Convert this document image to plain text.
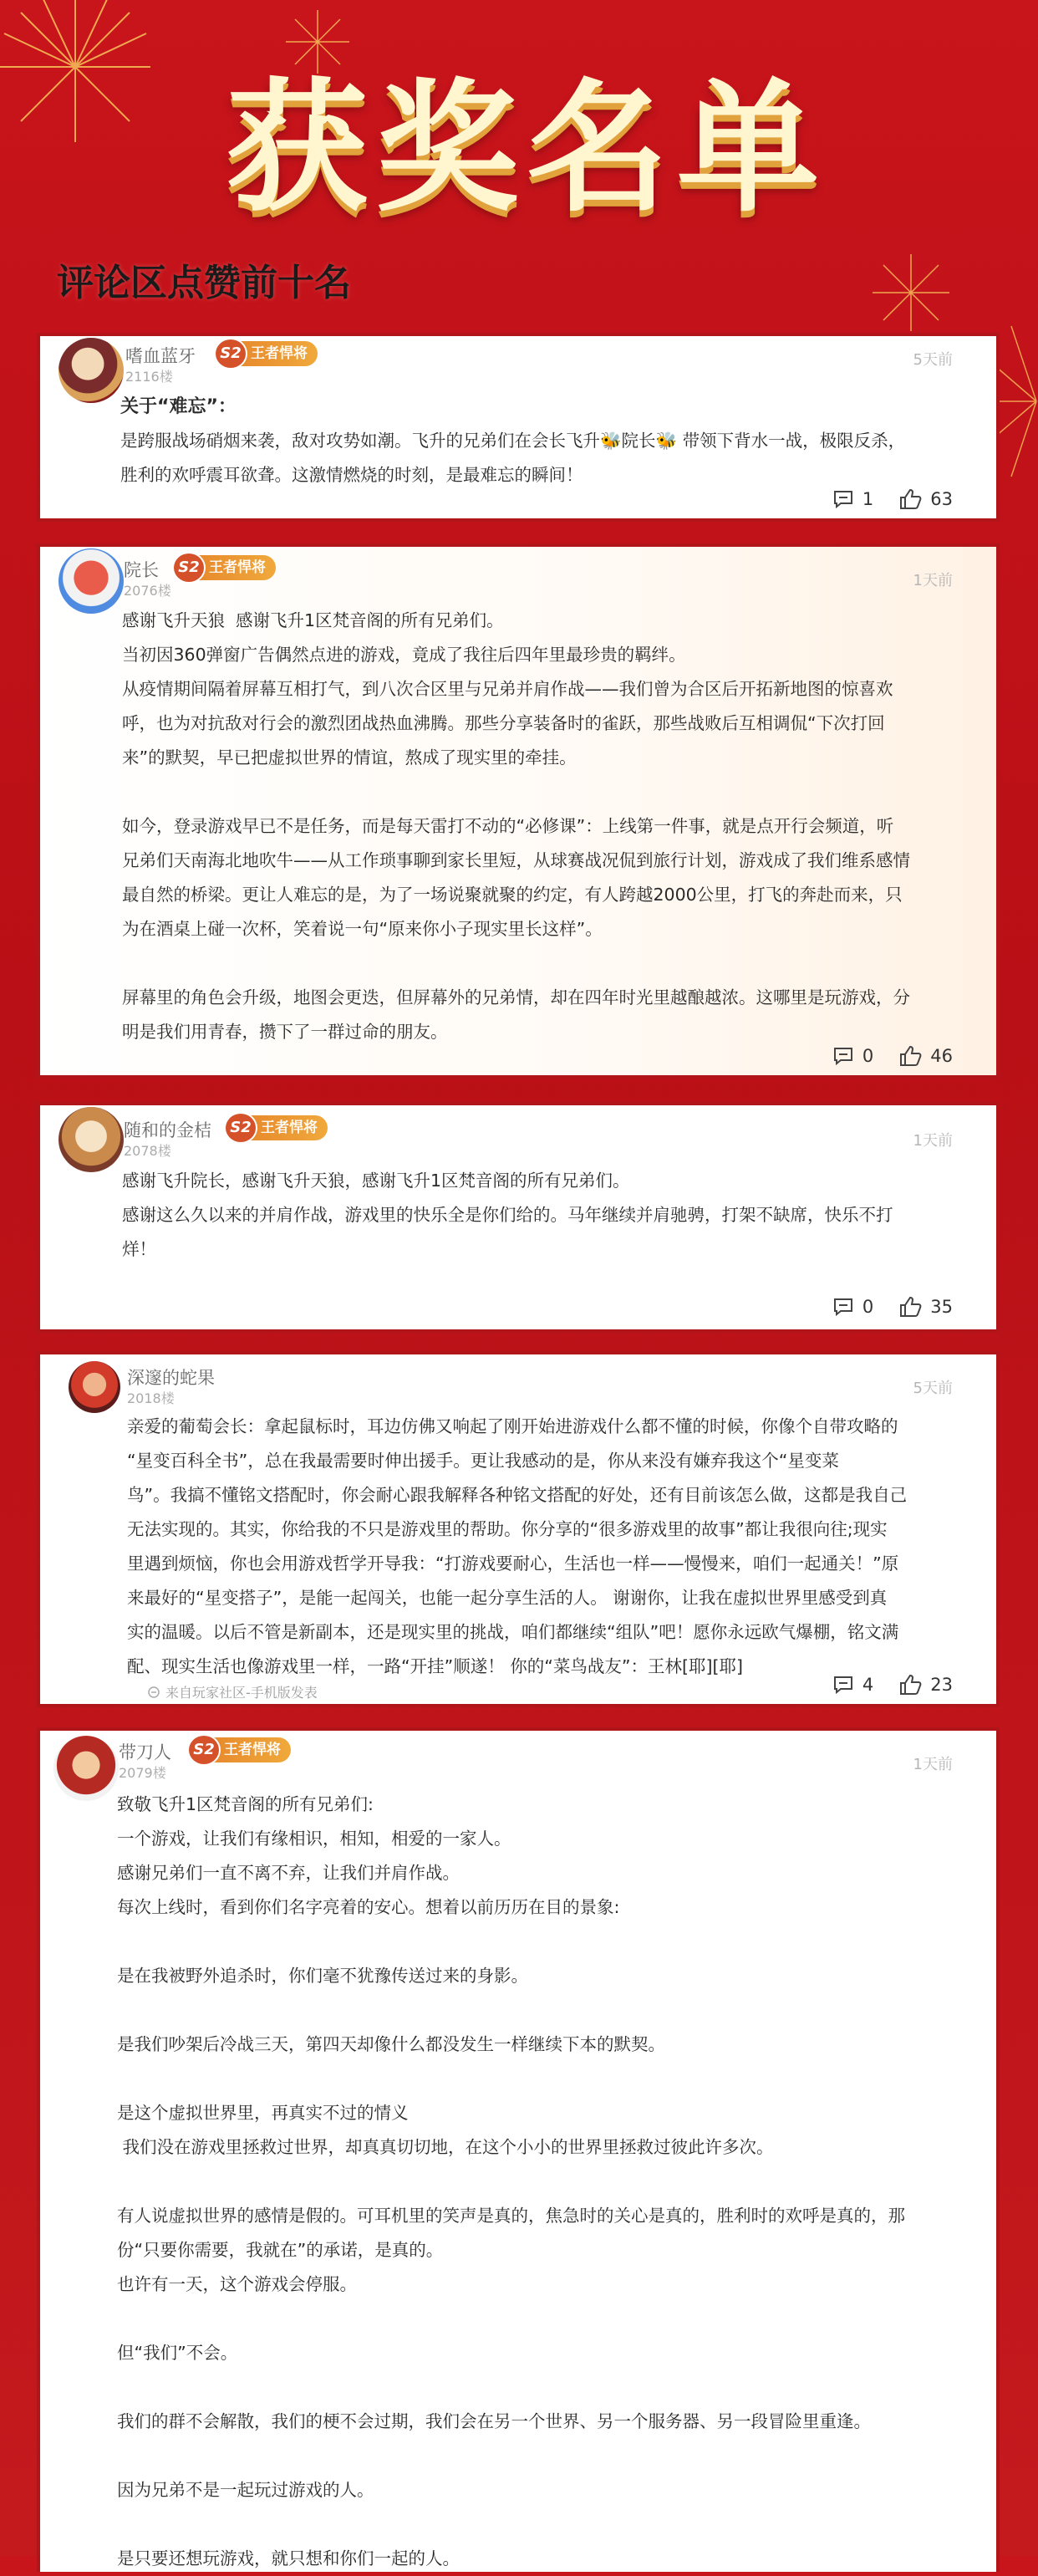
获奖名单
评论区点赞前十名
嗜血蓝牙
2116楼
S2 王者悍将	5天前

关于“难忘”：

是跨服战场硝烟来袭，敌对攻势如潮。飞升的兄弟们在会长飞升🐝院长🐝 带领下背水一战，极限反杀，

胜利的欢呼震耳欲聋。这激情燃烧的时刻，是最难忘的瞬间！

1	63
院长
2076楼
S2 王者悍将
1天前

感谢飞升天狼  感谢飞升1区梵音阁的所有兄弟们。

当初因360弹窗广告偶然点进的游戏，竟成了我往后四年里最珍贵的羁绊。

从疫情期间隔着屏幕互相打气，到八次合区里与兄弟并肩作战——我们曾为合区后开拓新地图的惊喜欢

呼，也为对抗敌对行会的激烈团战热血沸腾。那些分享装备时的雀跃，那些战败后互相调侃“下次打回

来”的默契，早已把虚拟世界的情谊，熬成了现实里的牵挂。

如今，登录游戏早已不是任务，而是每天雷打不动的“必修课”：上线第一件事，就是点开行会频道，听

兄弟们天南海北地吹牛——从工作琐事聊到家长里短，从球赛战况侃到旅行计划，游戏成了我们维系感情

最自然的桥梁。更让人难忘的是，为了一场说聚就聚的约定，有人跨越2000公里，打飞的奔赴而来，只

为在酒桌上碰一次杯，笑着说一句“原来你小子现实里长这样”。

屏幕里的角色会升级，地图会更迭，但屏幕外的兄弟情，却在四年时光里越酿越浓。这哪里是玩游戏，分

明是我们用青春，攒下了一群过命的朋友。

0	46
随和的金桔
2078楼
S2 王者悍将
1天前

感谢飞升院长，感谢飞升天狼，感谢飞升1区梵音阁的所有兄弟们。

感谢这么久以来的并肩作战，游戏里的快乐全是你们给的。马年继续并肩驰骋，打架不缺席，快乐不打

烊！

0	35
深邃的蛇果
2018楼
5天前

亲爱的葡萄会长：拿起鼠标时，耳边仿佛又响起了刚开始进游戏什么都不懂的时候，你像个自带攻略的

“星变百科全书”，总在我最需要时伸出援手。更让我感动的是，你从来没有嫌弃我这个“星变菜

鸟”。我搞不懂铭文搭配时，你会耐心跟我解释各种铭文搭配的好处，还有目前该怎么做，这都是我自己

无法实现的。其实，你给我的不只是游戏里的帮助。你分享的“很多游戏里的故事”都让我很向往;现实

里遇到烦恼，你也会用游戏哲学开导我：“打游戏要耐心，生活也一样——慢慢来，咱们一起通关！”原

来最好的“星变搭子”，是能一起闯关，也能一起分享生活的人。 谢谢你，让我在虚拟世界里感受到真

实的温暖。以后不管是新副本，还是现实里的挑战，咱们都继续“组队”吧！愿你永远欧气爆棚，铭文满

配、现实生活也像游戏里一样，一路“开挂”顺遂！ 你的“菜鸟战友”：王林[耶][耶]

来自玩家社区-手机版发表	4	23
带刀人
2079楼
S2 王者悍将
1天前

致敬飞升1区梵音阁的所有兄弟们:

一个游戏，让我们有缘相识，相知，相爱的一家人。

感谢兄弟们一直不离不弃，让我们并肩作战。

每次上线时，看到你们名字亮着的安心。想着以前历历在目的景象:

是在我被野外追杀时，你们毫不犹豫传送过来的身影。

是我们吵架后冷战三天，第四天却像什么都没发生一样继续下本的默契。

是这个虚拟世界里，再真实不过的情义

我们没在游戏里拯救过世界，却真真切切地，在这个小小的世界里拯救过彼此许多次。

有人说虚拟世界的感情是假的。可耳机里的笑声是真的，焦急时的关心是真的，胜利时的欢呼是真的，那

份“只要你需要，我就在”的承诺，是真的。

也许有一天，这个游戏会停服。

但“我们”不会。

我们的群不会解散，我们的梗不会过期，我们会在另一个世界、另一个服务器、另一段冒险里重逢。

因为兄弟不是一起玩过游戏的人。

是只要还想玩游戏，就只想和你们一起的人。
